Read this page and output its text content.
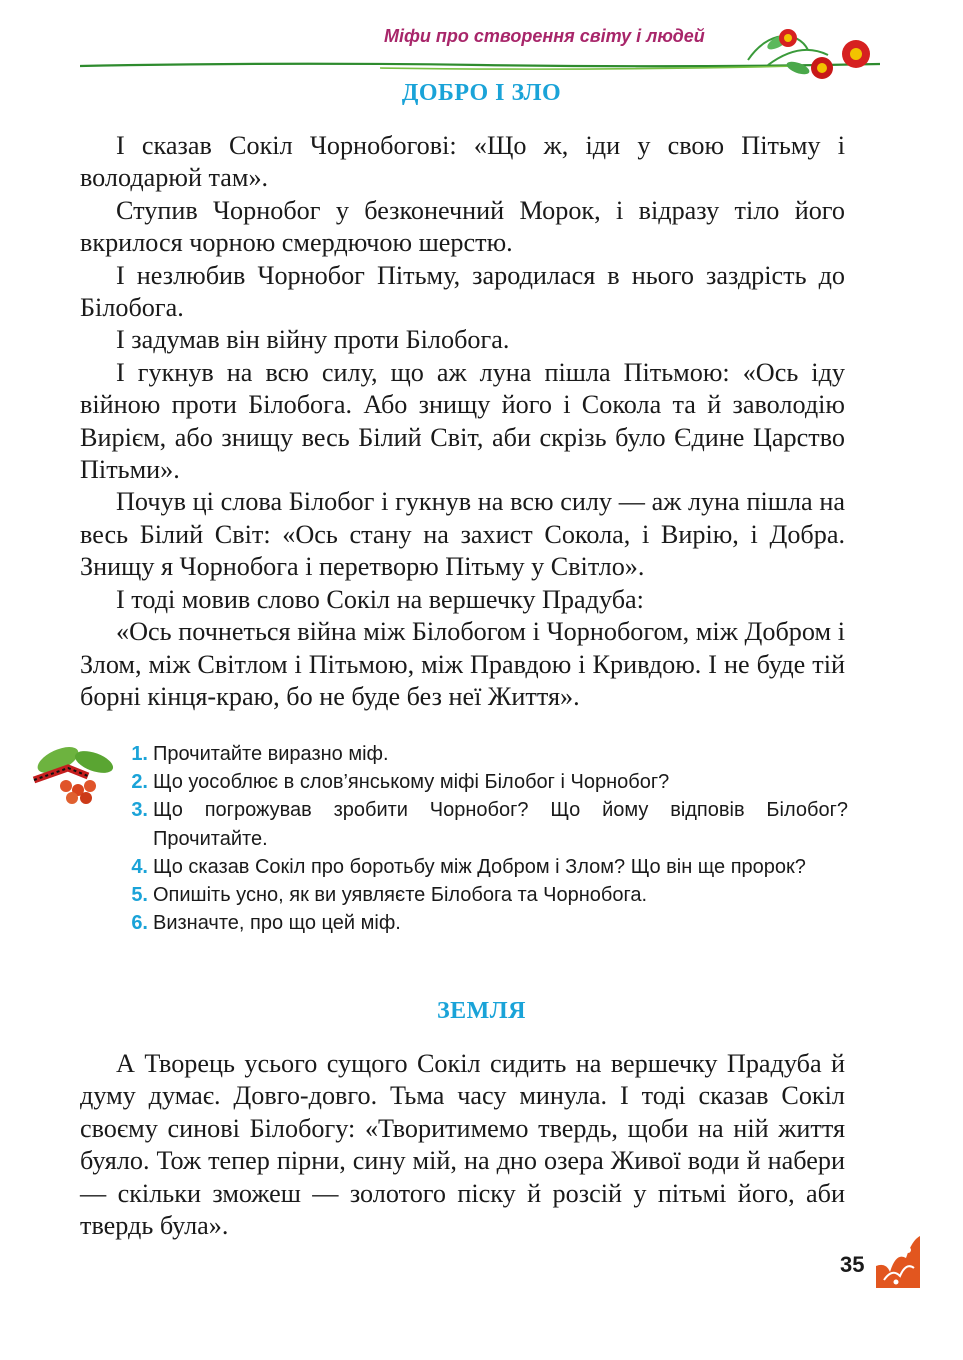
Міфи про створення світу і людей
ДОБРО І ЗЛО

І сказав Сокіл Чорнобогові: «Що ж, іди у свою Пітьму і володарюй там».

Ступив Чорнобог у безконечний Морок, і відразу тіло його вкрилося чорною смердючою шерстю.

І незлюбив Чорнобог Пітьму, зародилася в нього заздрість до Білобога.

І задумав він війну проти Білобога.

І гукнув на всю силу, що аж луна пішла Пітьмою: «Ось іду війною проти Білобога. Або знищу його і Сокола та й заволодію Вирієм, або знищу весь Білий Світ, аби скрізь було Єдине Царство Пітьми».

Почув ці слова Білобог і гукнув на всю силу — аж луна пішла на весь Білий Світ: «Ось стану на захист Сокола, і Вирію, і Добра. Знищу я Чорнобога і перетворю Пітьму у Світло».

І тоді мовив слово Сокіл на вершечку Прадуба:

«Ось почнеться війна між Білобогом і Чорнобогом, між Добром і Злом, між Світлом і Пітьмою, між Правдою і Кривдою. І не буде тій борні кінця-краю, бо не буде без неї Життя».

1. Прочитайте виразно міф.
2. Що уособлює в слов’янському міфі Білобог і Чорнобог?
3. Що погрожував зробити Чорнобог? Що йому відповів Білобог? Прочитайте.
4. Що сказав Сокіл про боротьбу між Добром і Злом? Що він ще пророк?
5. Опишіть усно, як ви уявляєте Білобога та Чорнобога.
6. Визначте, про що цей міф.
ЗЕМЛЯ

А Творець усього сущого Сокіл сидить на вершечку Прадуба й думу думає. Довго-довго. Тьма часу минула. І тоді сказав Сокіл своєму синові Білобогу: «Творитимемо твердь, щоби на ній життя буяло. Тож тепер пірни, сину мій, на дно озера Живої води й набери — скільки зможеш — золотого піску й розсій у пітьмі його, аби твердь була».

35
